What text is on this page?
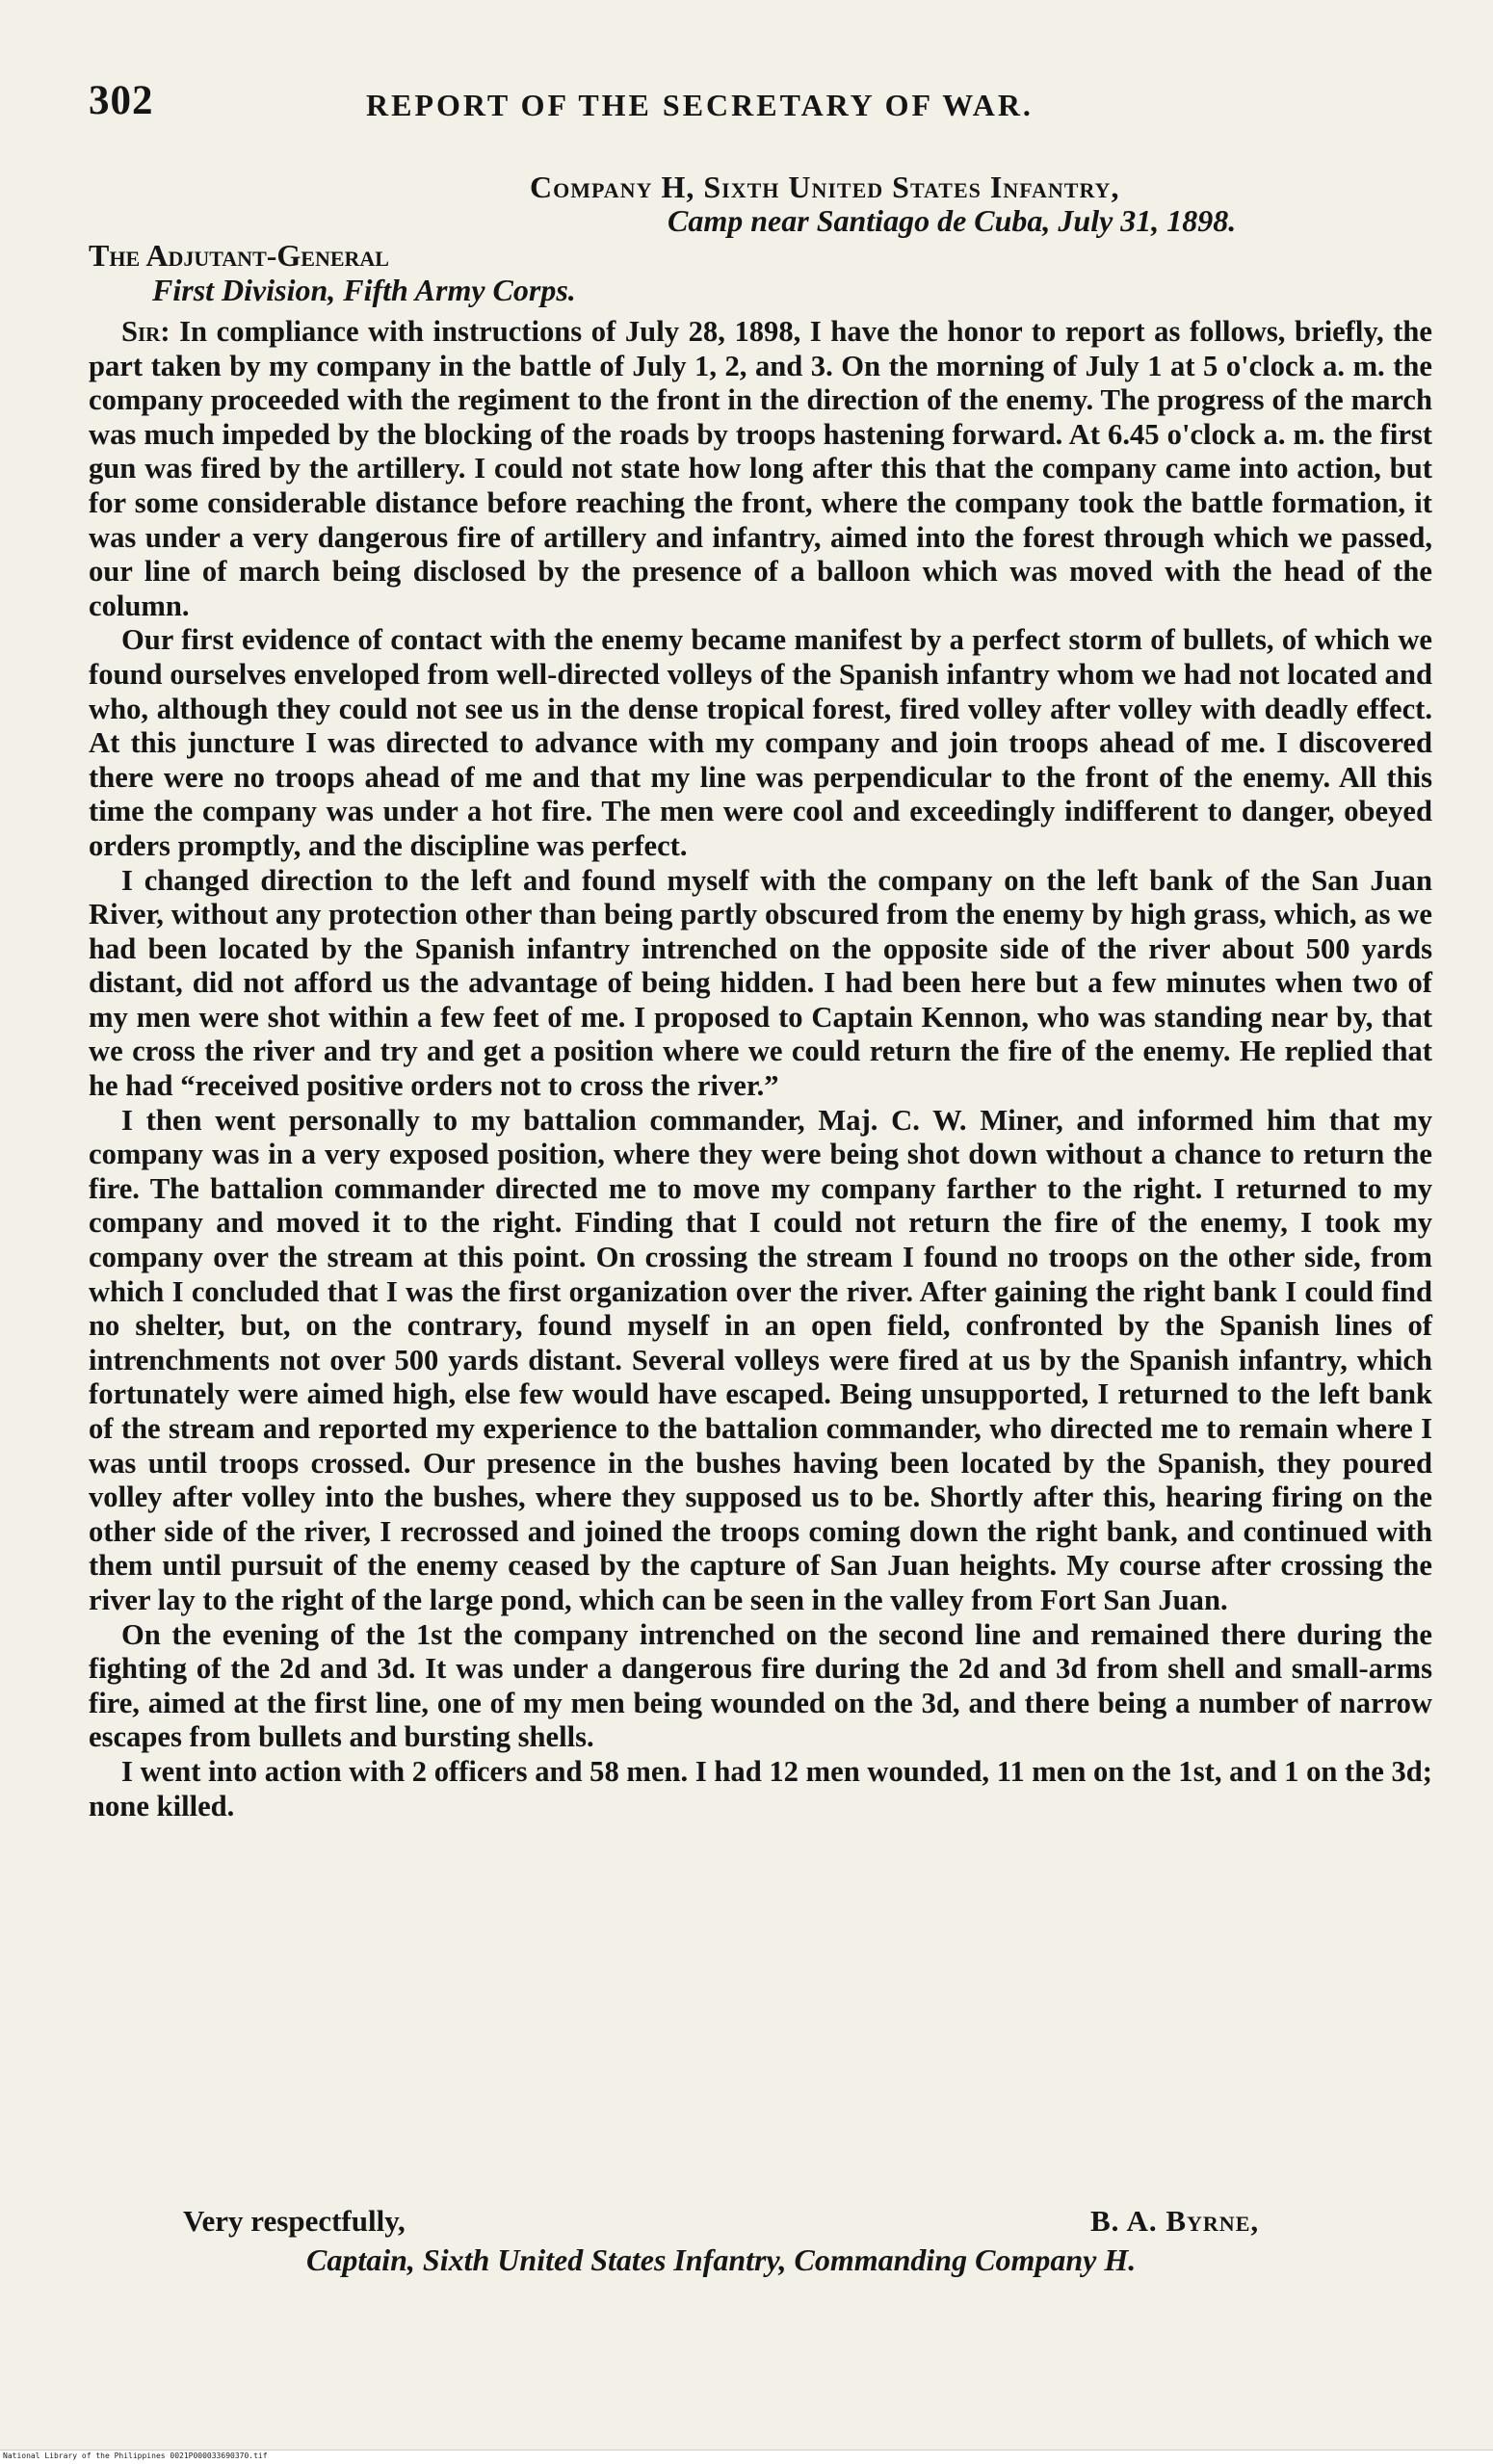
302	REPORT OF THE SECRETARY OF WAR.
Company H, Sixth United States Infantry,
Camp near Santiago de Cuba, July 31, 1898.
The Adjutant-General
First Division, Fifth Army Corps.

Sir: In compliance with instructions of July 28, 1898, I have the honor to report as follows, briefly, the part taken by my company in the battle of July 1, 2, and 3. On the morning of July 1 at 5 o'clock a. m. the company proceeded with the regiment to the front in the direction of the enemy. The progress of the march was much impeded by the blocking of the roads by troops hastening forward. At 6.45 o'clock a. m. the first gun was fired by the artillery. I could not state how long after this that the company came into action, but for some considerable distance before reaching the front, where the company took the battle formation, it was under a very dangerous fire of artillery and infantry, aimed into the forest through which we passed, our line of march being disclosed by the presence of a balloon which was moved with the head of the column.

Our first evidence of contact with the enemy became manifest by a perfect storm of bullets, of which we found ourselves enveloped from well-directed volleys of the Spanish infantry whom we had not located and who, although they could not see us in the dense tropical forest, fired volley after volley with deadly effect. At this juncture I was directed to advance with my company and join troops ahead of me. I discovered there were no troops ahead of me and that my line was perpendicular to the front of the enemy. All this time the company was under a hot fire. The men were cool and exceedingly indifferent to danger, obeyed orders promptly, and the discipline was perfect.

I changed direction to the left and found myself with the company on the left bank of the San Juan River, without any protection other than being partly obscured from the enemy by high grass, which, as we had been located by the Spanish infantry intrenched on the opposite side of the river about 500 yards distant, did not afford us the advantage of being hidden. I had been here but a few minutes when two of my men were shot within a few feet of me. I proposed to Captain Kennon, who was standing near by, that we cross the river and try and get a position where we could return the fire of the enemy. He replied that he had “received positive orders not to cross the river.”

I then went personally to my battalion commander, Maj. C. W. Miner, and informed him that my company was in a very exposed position, where they were being shot down without a chance to return the fire. The battalion commander directed me to move my company farther to the right. I returned to my company and moved it to the right. Finding that I could not return the fire of the enemy, I took my company over the stream at this point. On crossing the stream I found no troops on the other side, from which I concluded that I was the first organization over the river. After gaining the right bank I could find no shelter, but, on the contrary, found myself in an open field, confronted by the Spanish lines of intrenchments not over 500 yards distant. Several volleys were fired at us by the Spanish infantry, which fortunately were aimed high, else few would have escaped. Being unsupported, I returned to the left bank of the stream and reported my experience to the battalion commander, who directed me to remain where I was until troops crossed. Our presence in the bushes having been located by the Spanish, they poured volley after volley into the bushes, where they supposed us to be. Shortly after this, hearing firing on the other side of the river, I recrossed and joined the troops coming down the right bank, and continued with them until pursuit of the enemy ceased by the capture of San Juan heights. My course after crossing the river lay to the right of the large pond, which can be seen in the valley from Fort San Juan.

On the evening of the 1st the company intrenched on the second line and remained there during the fighting of the 2d and 3d. It was under a dangerous fire during the 2d and 3d from shell and small-arms fire, aimed at the first line, one of my men being wounded on the 3d, and there being a number of narrow escapes from bullets and bursting shells.

I went into action with 2 officers and 58 men. I had 12 men wounded, 11 men on the 1st, and 1 on the 3d; none killed.

Very respectfully,	B. A. Byrne,
Captain, Sixth United States Infantry, Commanding Company H.
National Library of the Philippines 0021P000033690370.tif
